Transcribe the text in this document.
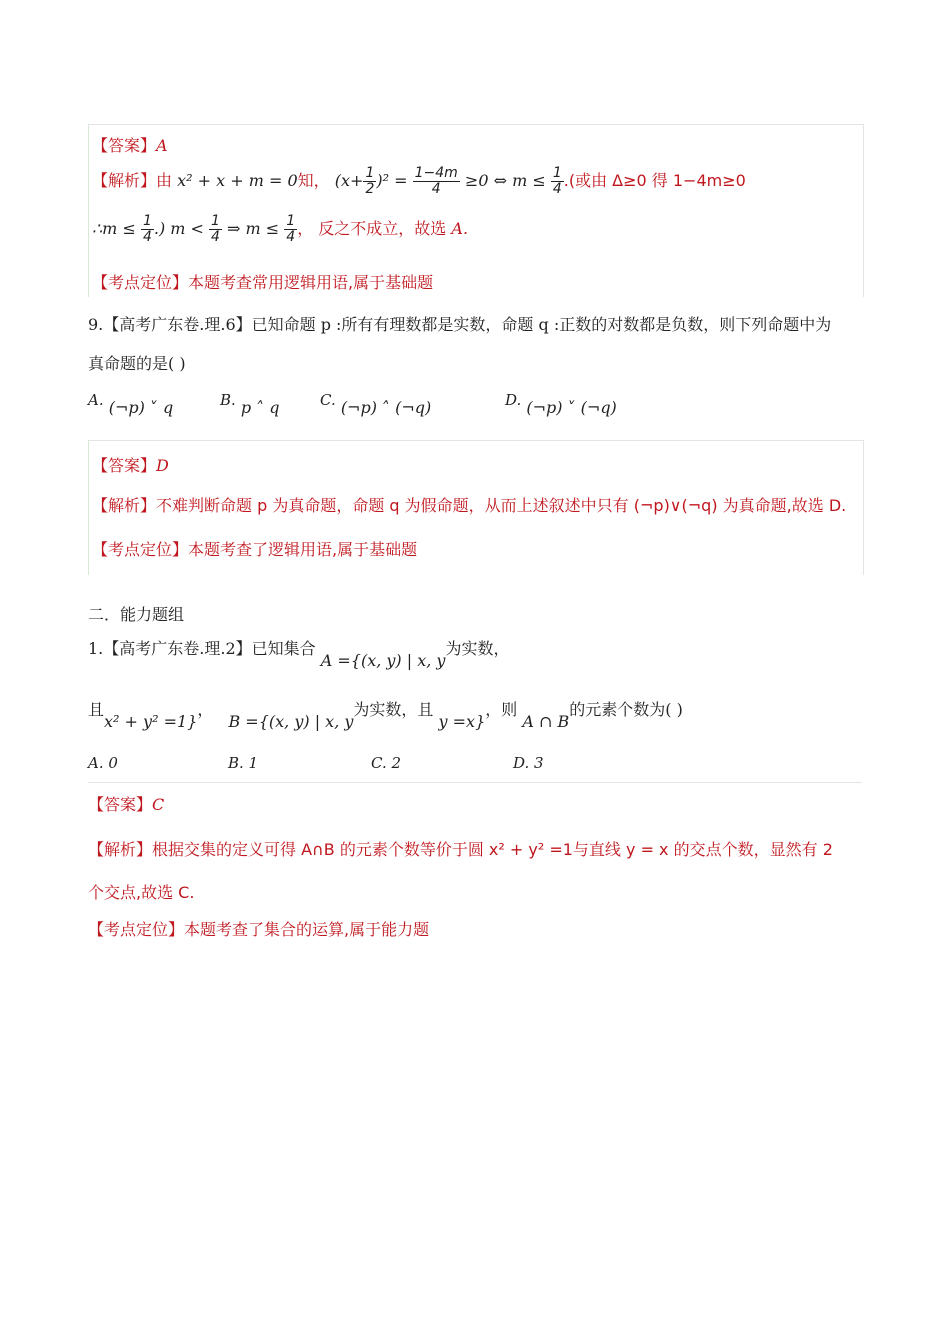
【答案】A
【解析】由 x² + x + m = 0知， $(x+ \frac{1}{2} )^2 = \frac{1-4m}{4} \ge 0$ ⇔ $m \le \frac{1}{4}$ .(或由 Δ≥0 得 1−4m≥0
∴m ≤ $\frac{1}{4}$ .) $m < \frac{1}{4}$ ⇒ $m \le \frac{1}{4}$ ， 反之不成立，故选 A.
【考点定位】本题考查常用逻辑用语,属于基础题
9.【高考广东卷.理.6】已知命题 p :所有有理数都是实数，命题 q :正数的对数都是负数，则下列命题中为
真命题的是( )
A. (¬p) ˅ q	B. p ˄ q	C. (¬p) ˄ (¬q)	D. (¬p) ˅ (¬q)
【答案】D
【解析】不难判断命题 p 为真命题，命题 q 为假命题，从而上述叙述中只有 (¬p)∨(¬q) 为真命题,故选 D.
【考点定位】本题考查了逻辑用语,属于基础题
二．能力题组
1.【高考广东卷.理.2】已知集合 A ={(x, y) | x, y为实数，
且x² + y² =1}， B ={(x, y) | x, y为实数，且 y =x}，则 A ∩ B的元素个数为( )
A. 0	B. 1	C. 2	D. 3
【答案】C
【解析】根据交集的定义可得 A∩B 的元素个数等价于圆 x² + y² =1与直线 y = x 的交点个数，显然有 2
个交点,故选 C.
【考点定位】本题考查了集合的运算,属于能力题
